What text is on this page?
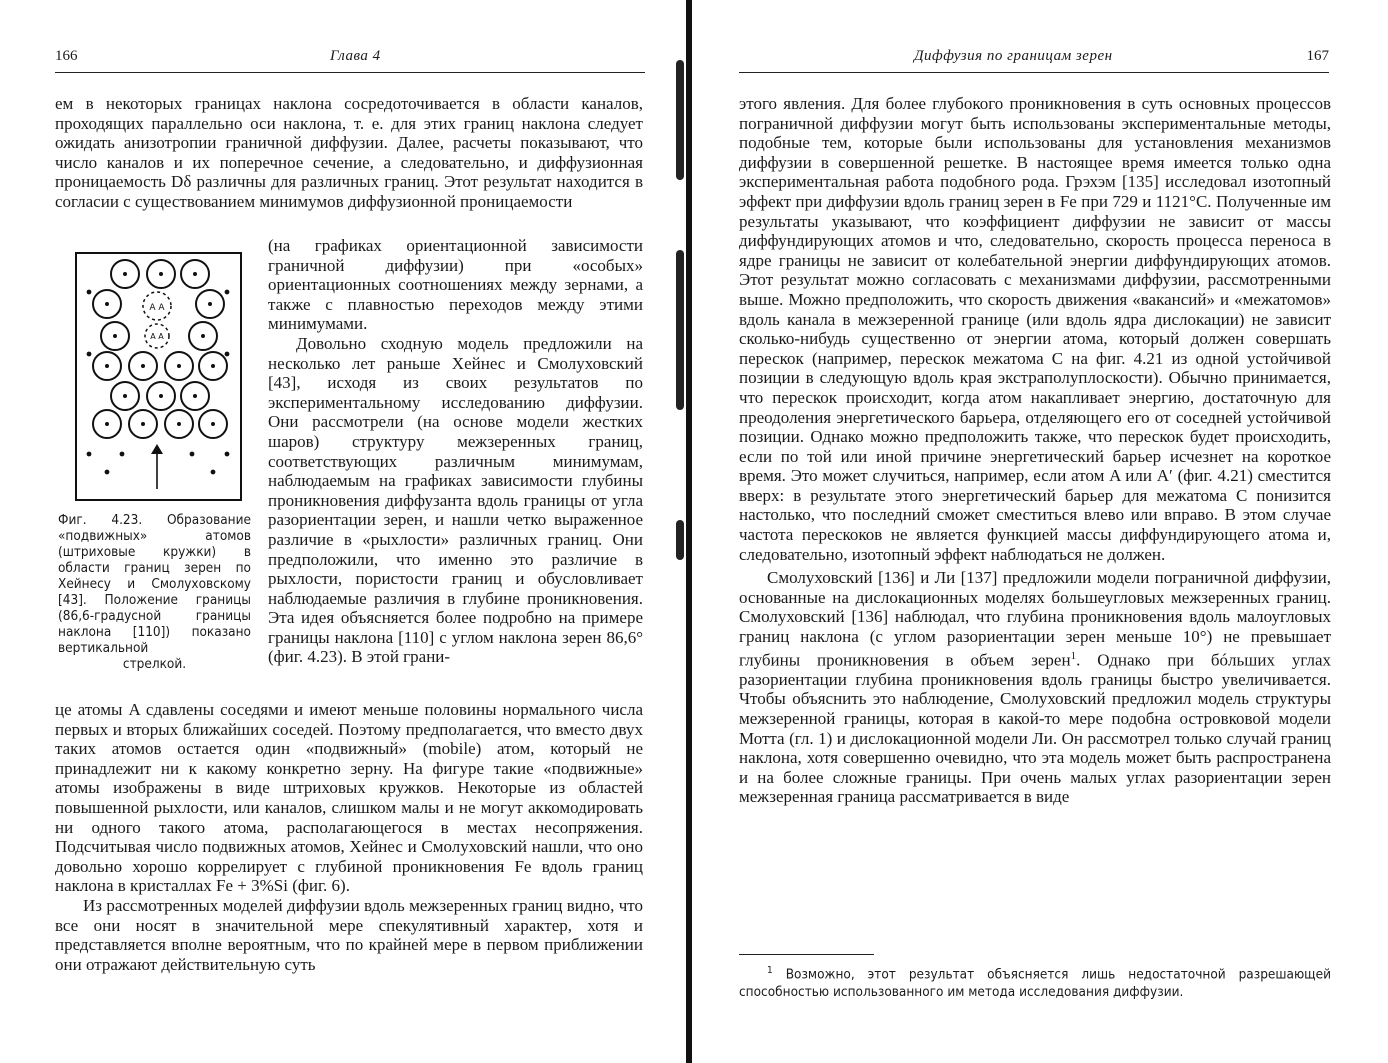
166	Глава 4

ем в некоторых границах наклона сосредоточивается в области каналов, проходящих параллельно оси наклона, т. е. для этих границ наклона следует ожидать анизотропии граничной диффузии. Далее, расчеты показывают, что число каналов и их поперечное сечение, а следовательно, и диффузионная проницаемость Dδ различны для различных границ. Этот результат находится в согласии с существованием минимумов диффузионной проницаемости

(на графиках ориентационной зависимости граничной диффузии) при «особых» ориентационных соотношениях между зернами, а также с плавностью переходов между этими минимумами.

Довольно сходную модель предложили на несколько лет раньше Хейнес и Смолуховский [43], исходя из своих результатов по экспериментальному исследованию диффузии. Они рассмотрели (на основе модели жестких шаров) структуру межзеренных границ, соответствующих различным минимумам, наблюдаемым на графиках зависимости глубины проникновения диффузанта вдоль границы от угла разориентации зерен, и нашли четко выраженное различие в «рыхлости» различных границ. Они предположили, что именно это различие в рыхлости, пористости границ и обусловливает наблюдаемые различия в глубине проникновения. Эта идея объясняется более подробно на примере границы наклона [110] с углом наклона зерен 86,6° (фиг. 4.23). В этой грани-

A A
A A

Фиг. 4.23. Образование «подвижных» атомов (штриховые кружки) в области границ зерен по Хейнесу и Смолуховскому [43]. Положение границы (86,6-градусной границы наклона [110]) показано вертикальной

стрелкой.

це атомы A сдавлены соседями и имеют меньше половины нормального числа первых и вторых ближайших соседей. Поэтому предполагается, что вместо двух таких атомов остается один «подвижный» (mobile) атом, который не принадлежит ни к какому конкретно зерну. На фигуре такие «подвижные» атомы изображены в виде штриховых кружков. Некоторые из областей повышенной рыхлости, или каналов, слишком малы и не могут аккомодировать ни одного такого атома, располагающегося в местах несопряжения. Подсчитывая число подвижных атомов, Хейнес и Смолуховский нашли, что оно довольно хорошо коррелирует с глубиной проникновения Fe вдоль границ наклона в кристаллах Fe + 3%Si (фиг. 6).

Из рассмотренных моделей диффузии вдоль межзеренных границ видно, что все они носят в значительной мере спекулятивный характер, хотя и представляется вполне вероятным, что по крайней мере в первом приближении они отражают действительную суть

Диффузия по границам зерен	167

этого явления. Для более глубокого проникновения в суть основных процессов пограничной диффузии могут быть использованы экспериментальные методы, подобные тем, которые были использованы для установления механизмов диффузии в совершенной решетке. В настоящее время имеется только одна экспериментальная работа подобного рода. Грэхэм [135] исследовал изотопный эффект при диффузии вдоль границ зерен в Fe при 729 и 1121°С. Полученные им результаты указывают, что коэффициент диффузии не зависит от массы диффундирующих атомов и что, следовательно, скорость процесса переноса в ядре границы не зависит от колебательной энергии диффундирующих атомов. Этот результат можно согласовать с механизмами диффузии, рассмотренными выше. Можно предположить, что скорость движения «вакансий» и «межатомов» вдоль канала в межзеренной границе (или вдоль ядра дислокации) не зависит сколько-нибудь существенно от энергии атома, который должен совершать перескок (например, перескок межатома C на фиг. 4.21 из одной устойчивой позиции в следующую вдоль края экстраполуплоскости). Обычно принимается, что перескок происходит, когда атом накапливает энергию, достаточную для преодоления энергетического барьера, отделяющего его от соседней устойчивой позиции. Однако можно предположить также, что перескок будет происходить, если по той или иной причине энергетический барьер исчезнет на короткое время. Это может случиться, например, если атом A или A′ (фиг. 4.21) сместится вверх: в результате этого энергетический барьер для межатома C понизится настолько, что последний сможет сместиться влево или вправо. В этом случае частота перескоков не является функцией массы диффундирующего атома и, следовательно, изотопный эффект наблюдаться не должен.

Смолуховский [136] и Ли [137] предложили модели пограничной диффузии, основанные на дислокационных моделях большеугловых межзеренных границ. Смолуховский [136] наблюдал, что глубина проникновения вдоль малоугловых границ наклона (с углом разориентации зерен меньше 10°) не превышает глубины проникновения в объем зерен$^1$. Однако при бóльших углах разориентации глубина проникновения вдоль границы быстро увеличивается. Чтобы объяснить это наблюдение, Смолуховский предложил модель структуры межзеренной границы, которая в какой-то мере подобна островковой модели Мотта (гл. 1) и дислокационной модели Ли. Он рассмотрел только случай границ наклона, хотя совершенно очевидно, что эта модель может быть распространена и на более сложные границы. При очень малых углах разориентации зерен межзеренная граница рассматривается в виде

$^1$ Возможно, этот результат объясняется лишь недостаточной разрешающей способностью использованного им метода исследования диффузии.
